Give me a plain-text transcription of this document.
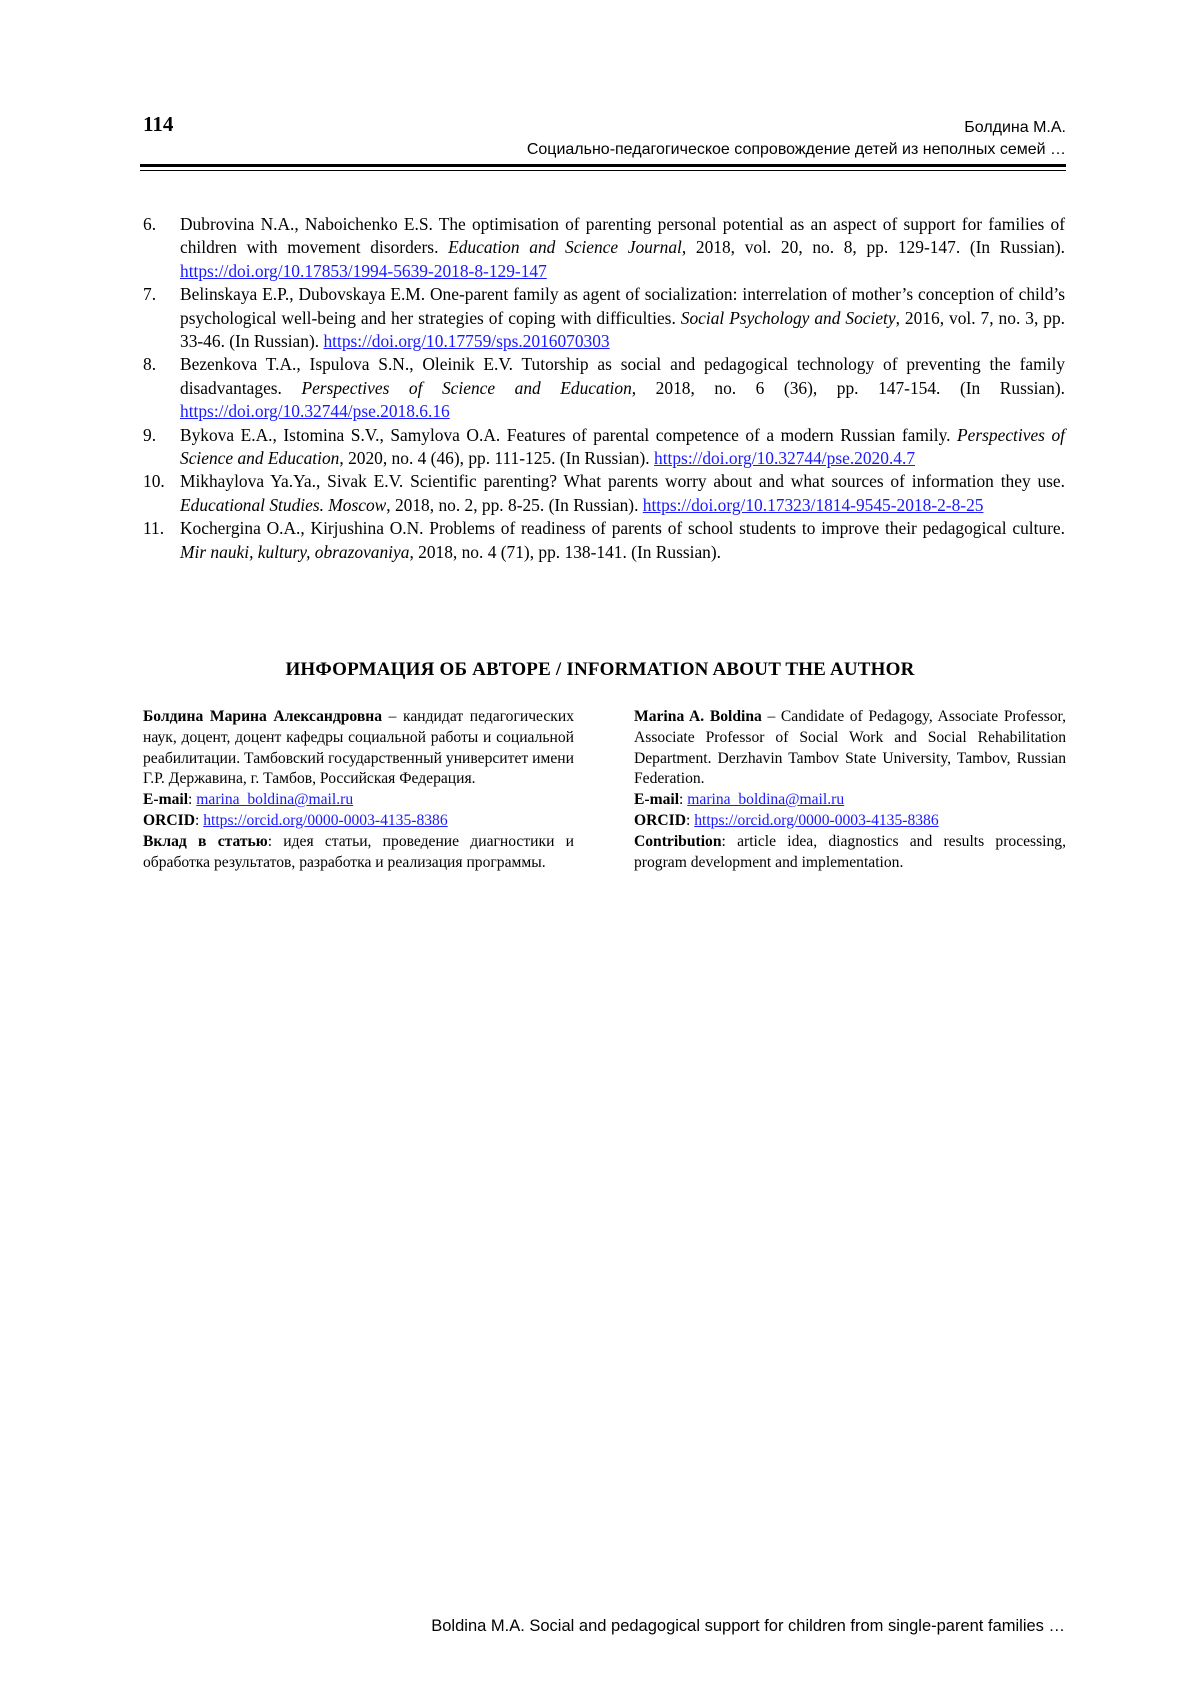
114	Болдина М.А.
Социально-педагогическое сопровождение детей из неполных семей …
6.	Dubrovina N.A., Naboichenko E.S. The optimisation of parenting personal potential as an aspect of support for families of children with movement disorders. Education and Science Journal, 2018, vol. 20, no. 8, pp. 129-147. (In Russian). https://doi.org/10.17853/1994-5639-2018-8-129-147
7.	Belinskaya E.P., Dubovskaya E.M. One-parent family as agent of socialization: interrelation of mother’s conception of child’s psychological well-being and her strategies of coping with difficulties. Social Psychology and Society, 2016, vol. 7, no. 3, pp. 33-46. (In Russian). https://doi.org/10.17759/sps.2016070303
8.	Bezenkova T.A., Ispulova S.N., Oleinik E.V. Tutorship as social and pedagogical technology of preventing the family disadvantages. Perspectives of Science and Education, 2018, no. 6 (36), pp. 147-154. (In Russian). https://doi.org/10.32744/pse.2018.6.16
9.	Bykova E.A., Istomina S.V., Samylova O.A. Features of parental competence of a modern Russian family. Perspectives of Science and Education, 2020, no. 4 (46), pp. 111-125. (In Russian). https://doi.org/10.32744/pse.2020.4.7
10. Mikhaylova Ya.Ya., Sivak E.V. Scientific parenting? What parents worry about and what sources of information they use. Educational Studies. Moscow, 2018, no. 2, pp. 8-25. (In Russian). https://doi.org/10.17323/1814-9545-2018-2-8-25
11. Kochergina O.A., Kirjushina O.N. Problems of readiness of parents of school students to improve their pedagogical culture. Mir nauki, kultury, obrazovaniya, 2018, no. 4 (71), pp. 138-141. (In Russian).
ИНФОРМАЦИЯ ОБ АВТОРЕ / INFORMATION ABOUT THE AUTHOR

Болдина Марина Александровна – кандидат педагогических наук, доцент, доцент кафедры социальной работы и социальной реабилитации. Тамбовский государственный университет имени Г.Р. Державина, г. Тамбов, Российская Федерация.

E-mail: marina_boldina@mail.ru

ORCID: https://orcid.org/0000-0003-4135-8386

Вклад в статью: идея статьи, проведение диагностики и обработка результатов, разработка и реализация программы.

Marina A. Boldina – Candidate of Pedagogy, Associate Professor, Associate Professor of Social Work and Social Rehabilitation Department. Derzhavin Tambov State University, Tambov, Russian Federation.

E-mail: marina_boldina@mail.ru

ORCID: https://orcid.org/0000-0003-4135-8386

Contribution: article idea, diagnostics and results processing, program development and implementation.

Boldina M.A. Social and pedagogical support for children from single-parent families …
